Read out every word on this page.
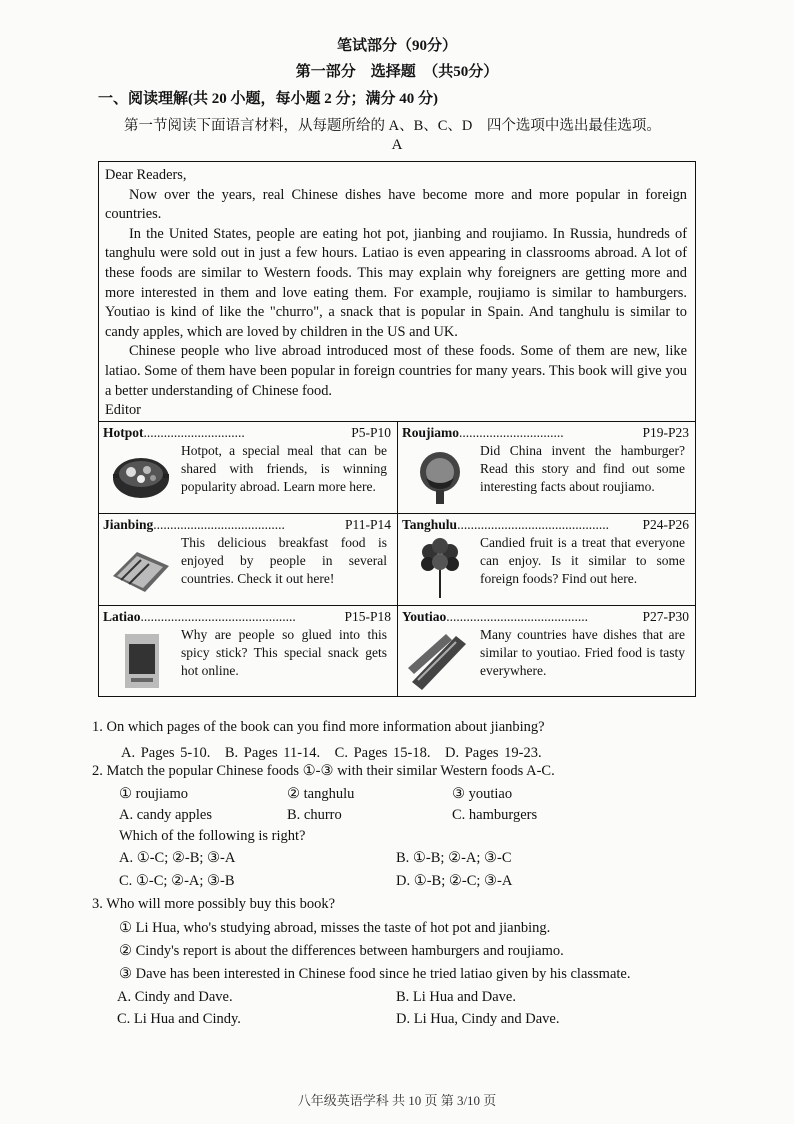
笔试部分（90分）
第一部分　选择题　（共50分）
一、阅读理解(共 20 小题，每小题 2 分；满分 40 分)
第一节阅读下面语言材料，从每题所给的 A、B、C、D　四个选项中选出最佳选项。
A

Dear Readers,

Now over the years, real Chinese dishes have become more and more popular in foreign countries.

In the United States, people are eating hot pot, jianbing and roujiamo. In Russia, hundreds of tanghulu were sold out in just a few hours. Latiao is even appearing in classrooms abroad. A lot of these foods are similar to Western foods. This may explain why foreigners are getting more and more interested in them and love eating them. For example, roujiamo is similar to hamburgers. Youtiao is kind of like the "churro", a snack that is popular in Spain. And tanghulu is similar to candy apples, which are loved by children in the US and UK.

Chinese people who live abroad introduced most of these foods. Some of them are new, like latiao. Some of them have been popular in foreign countries for many years. This book will give you a better understanding of Chinese food.

Editor

Hotpot..............................	P5-P10
Hotpot, a special meal that can be shared with friends, is winning popularity abroad. Learn more here.
Roujiamo...............................	P19-P23
Did China invent the hamburger? Read this story and find out some interesting facts about roujiamo.
Jianbing.......................................	P11-P14
This delicious breakfast food is enjoyed by people in several countries. Check it out here!
Tanghulu............................................. P24-P26
Candied fruit is a treat that everyone can enjoy. Is it similar to some foreign foods? Find out here.
Latiao..............................................	P15-P18
Why are people so glued into this spicy stick? This special snack gets hot online.
Youtiao..........................................	P27-P30
Many countries have dishes that are similar to youtiao. Fried food is tasty everywhere.
1. On which pages of the book can you find more information about jianbing?
A. Pages 5-10.　B. Pages 11-14.　C. Pages 15-18.　D. Pages 19-23.
2. Match the popular Chinese foods ①-③ with their similar Western foods A-C.
① roujiamo	② tanghulu	③ youtiao
A. candy apples	B. churro	C. hamburgers
Which of the following is right?
A. ①-C; ②-B; ③-A	B. ①-B; ②-A; ③-C
C. ①-C; ②-A; ③-B	D. ①-B; ②-C; ③-A
3. Who will more possibly buy this book?
① Li Hua, who's studying abroad, misses the taste of hot pot and jianbing.
② Cindy's report is about the differences between hamburgers and roujiamo.
③ Dave has been interested in Chinese food since he tried latiao given by his classmate.
A. Cindy and Dave.	B. Li Hua and Dave.
C. Li Hua and Cindy.	D. Li Hua, Cindy and Dave.
八年级英语学科 共 10 页 第 3/10 页
